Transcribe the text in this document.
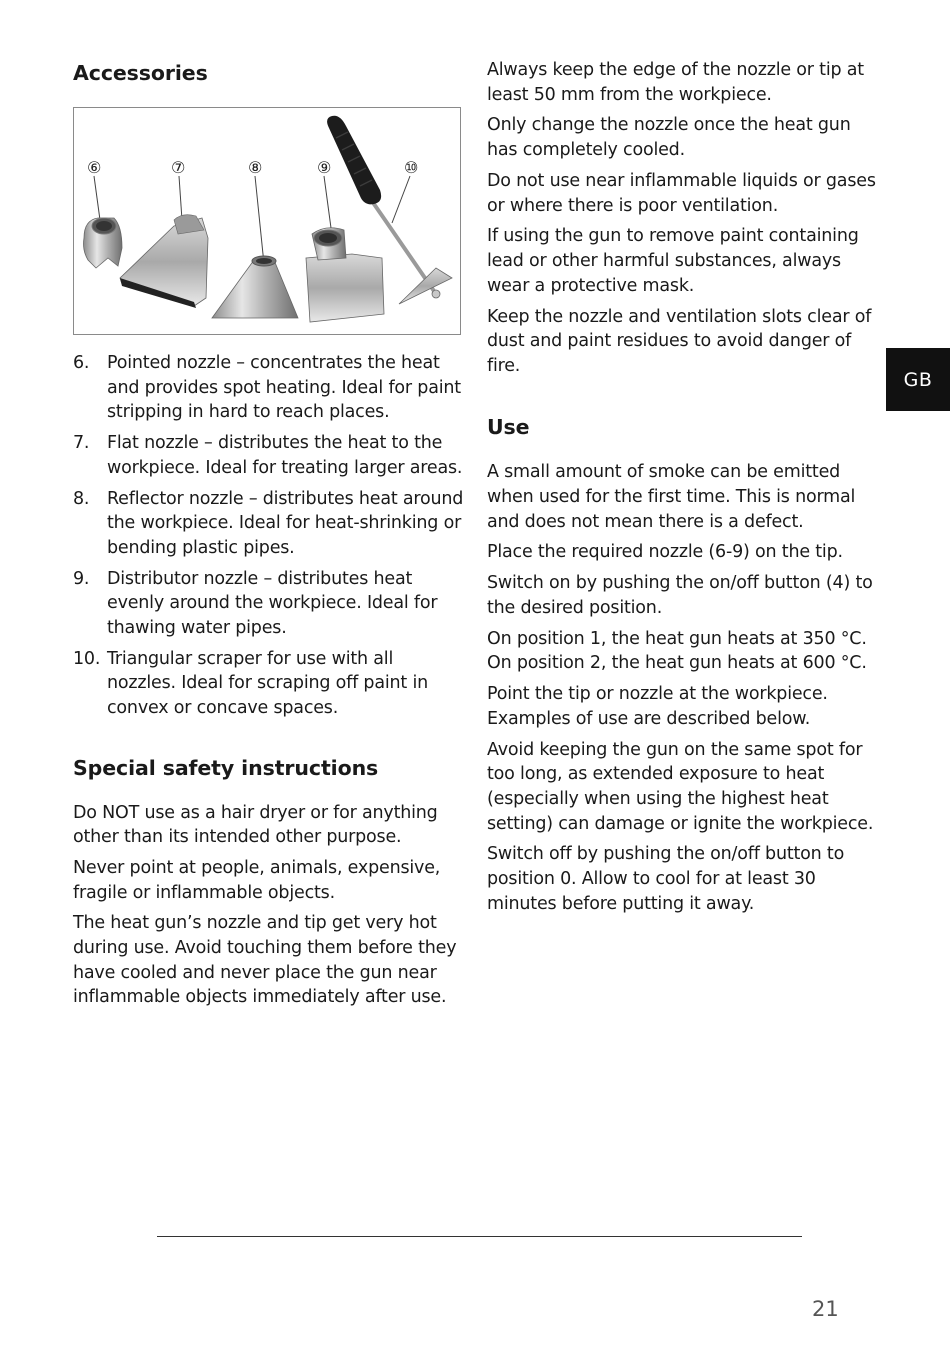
Accessories
⑥	⑦	⑧	⑨	⑩
6. Pointed nozzle – concentrates the heat and provides spot heating. Ideal for paint stripping in hard to reach places.
7. Flat nozzle – distributes the heat to the workpiece. Ideal for treating larger areas.
8. Reflector nozzle – distributes heat around the workpiece. Ideal for heat-shrinking or bending plastic pipes.
9. Distributor nozzle – distributes heat evenly around the workpiece. Ideal for thawing water pipes.
10. Triangular scraper for use with all nozzles. Ideal for scraping off paint in convex or concave spaces.
Special safety instructions

Do NOT use as a hair dryer or for anything other than its intended other purpose.

Never point at people, animals, expensive, fragile or inflammable objects.

The heat gun’s nozzle and tip get very hot during use. Avoid touching them before they have cooled and never place the gun near inflammable objects immediately after use.

Always keep the edge of the nozzle or tip at least 50 mm from the workpiece.

Only change the nozzle once the heat gun has completely cooled.

Do not use near inflammable liquids or gases or where there is poor ventilation.

If using the gun to remove paint containing lead or other harmful substances, always wear a protective mask.

Keep the nozzle and ventilation slots clear of dust and paint residues to avoid danger of fire.

Use

A small amount of smoke can be emitted when used for the first time. This is normal and does not mean there is a defect.

Place the required nozzle (6-9) on the tip.

Switch on by pushing the on/off button (4) to the desired position.

On position 1, the heat gun heats at 350 °C. On position 2, the heat gun heats at 600 °C.

Point the tip or nozzle at the workpiece. Examples of use are described below.

Avoid keeping the gun on the same spot for too long, as extended exposure to heat (especially when using the highest heat setting) can damage or ignite the workpiece.

Switch off by pushing the on/off button to position 0. Allow to cool for at least 30 minutes before putting it away.

GB
21
